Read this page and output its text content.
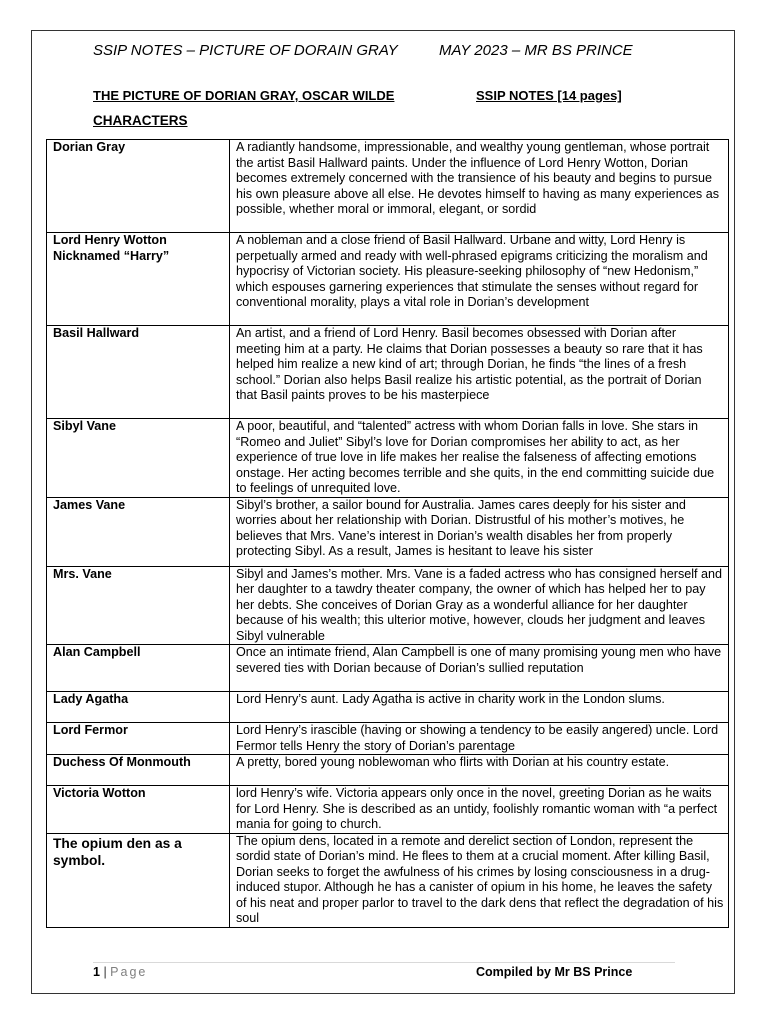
SSIP NOTES – PICTURE OF DORAIN GRAY	MAY 2023 – MR BS PRINCE
THE PICTURE OF DORIAN GRAY, OSCAR WILDE	SSIP NOTES [14 pages]
CHARACTERS
Dorian Gray	A radiantly handsome, impressionable, and wealthy young gentleman, whose portrait the artist Basil Hallward paints. Under the influence of Lord Henry Wotton, Dorian becomes extremely concerned with the transience of his beauty and begins to pursue his own pleasure above all else. He devotes himself to having as many experiences as possible, whether moral or immoral, elegant, or sordid

Lord Henry Wotton
Nicknamed “Harry”	A nobleman and a close friend of Basil Hallward. Urbane and witty, Lord Henry is perpetually armed and ready with well-phrased epigrams criticizing the moralism and hypocrisy of Victorian society. His pleasure-seeking philosophy of “new Hedonism,” which espouses garnering experiences that stimulate the senses without regard for conventional morality, plays a vital role in Dorian’s development
Basil Hallward	An artist, and a friend of Lord Henry. Basil becomes obsessed with Dorian after meeting him at a party. He claims that Dorian possesses a beauty so rare that it has helped him realize a new kind of art; through Dorian, he finds “the lines of a fresh school.” Dorian also helps Basil realize his artistic potential, as the portrait of Dorian that Basil paints proves to be his masterpiece
Sibyl Vane	A poor, beautiful, and “talented” actress with whom Dorian falls in love. She stars in “Romeo and Juliet” Sibyl’s love for Dorian compromises her ability to act, as her experience of true love in life makes her realise the falseness of affecting emotions onstage. Her acting becomes terrible and she quits, in the end committing suicide due to feelings of unrequited love.
James Vane	Sibyl’s brother, a sailor bound for Australia. James cares deeply for his sister and worries about her relationship with Dorian. Distrustful of his mother’s motives, he believes that Mrs. Vane’s interest in Dorian’s wealth disables her from properly protecting Sibyl. As a result, James is hesitant to leave his sister
Mrs. Vane	Sibyl and James’s mother. Mrs. Vane is a faded actress who has consigned herself and her daughter to a tawdry theater company, the owner of which has helped her to pay her debts. She conceives of Dorian Gray as a wonderful alliance for her daughter because of his wealth; this ulterior motive, however, clouds her judgment and leaves Sibyl vulnerable
Alan Campbell	Once an intimate friend, Alan Campbell is one of many promising young men who have severed ties with Dorian because of Dorian’s sullied reputation
Lady Agatha	Lord Henry’s aunt. Lady Agatha is active in charity work in the London slums.
Lord Fermor	Lord Henry’s irascible (having or showing a tendency to be easily angered) uncle. Lord Fermor tells Henry the story of Dorian’s parentage
Duchess Of Monmouth	A pretty, bored young noblewoman who flirts with Dorian at his country estate.
Victoria Wotton	lord Henry’s wife. Victoria appears only once in the novel, greeting Dorian as he waits for Lord Henry. She is described as an untidy, foolishly romantic woman with “a perfect mania for going to church.
The opium den as a symbol.	The opium dens, located in a remote and derelict section of London, represent the sordid state of Dorian’s mind. He flees to them at a crucial moment. After killing Basil, Dorian seeks to forget the awfulness of his crimes by losing consciousness in a drug-induced stupor. Although he has a canister of opium in his home, he leaves the safety of his neat and proper parlor to travel to the dark dens that reflect the degradation of his soul
1 | Page	Compiled by Mr BS Prince
